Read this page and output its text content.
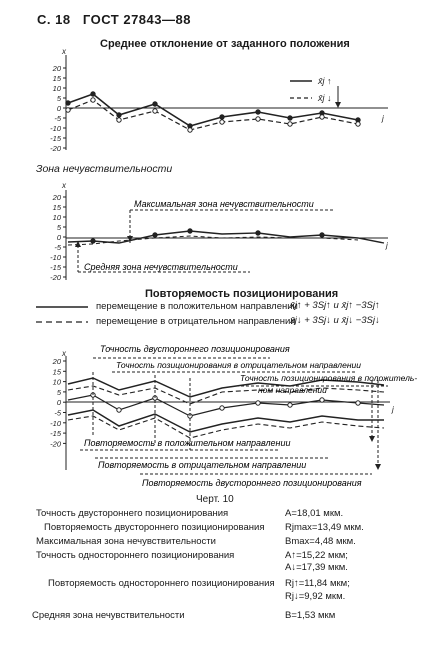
С. 18 ГОСТ 27843—88
Среднее отклонение от заданного положения
20
15
10
5
0
-5
-10
-15
-20
x
j
x̄j ↑
x̄j ↓
20
15
10
5
0
-5
-10
-15
-20
x
j
Максимальная зона нечувствительности
Средняя зона нечувствительности
20
15
10
5
0
-5
-10
-15
-20
x
j
Точность двустороннего позиционирования
Точность позиционирования в отрицательном направлении
Точность позиционирования в положитель-
ном направлении
Повторяемость в положительном направлении
Повторяемость в отрицательном направлении
Повторяемость двустороннего позиционирования
Зона нечувствительности
Повторяемость позиционирования
перемещение в положительном направлении
x̄j↑ + 3Sj↑ и x̄j↑ −3Sj↑
перемещение в отрицательном направлении
x̄j↓ + 3Sj↓ и x̄j↓ −3Sj↓
Черт. 10
Точность двустороннего позиционирования	A=18,01 мкм.
Повторяемость двустороннего позиционирования Rjmax=13,49 мкм.
Максимальная зона нечувствительности	Bmax=4,48 мкм.
Точность одностороннего позиционирования	A↑=15,22 мкм;
A↓=17,39 мкм.
Повторяемость одностороннего позиционирования Rj↑=11,84 мкм;
Rj↓=9,92 мкм.
Средняя зона нечувствительности	B=1,53 мкм
